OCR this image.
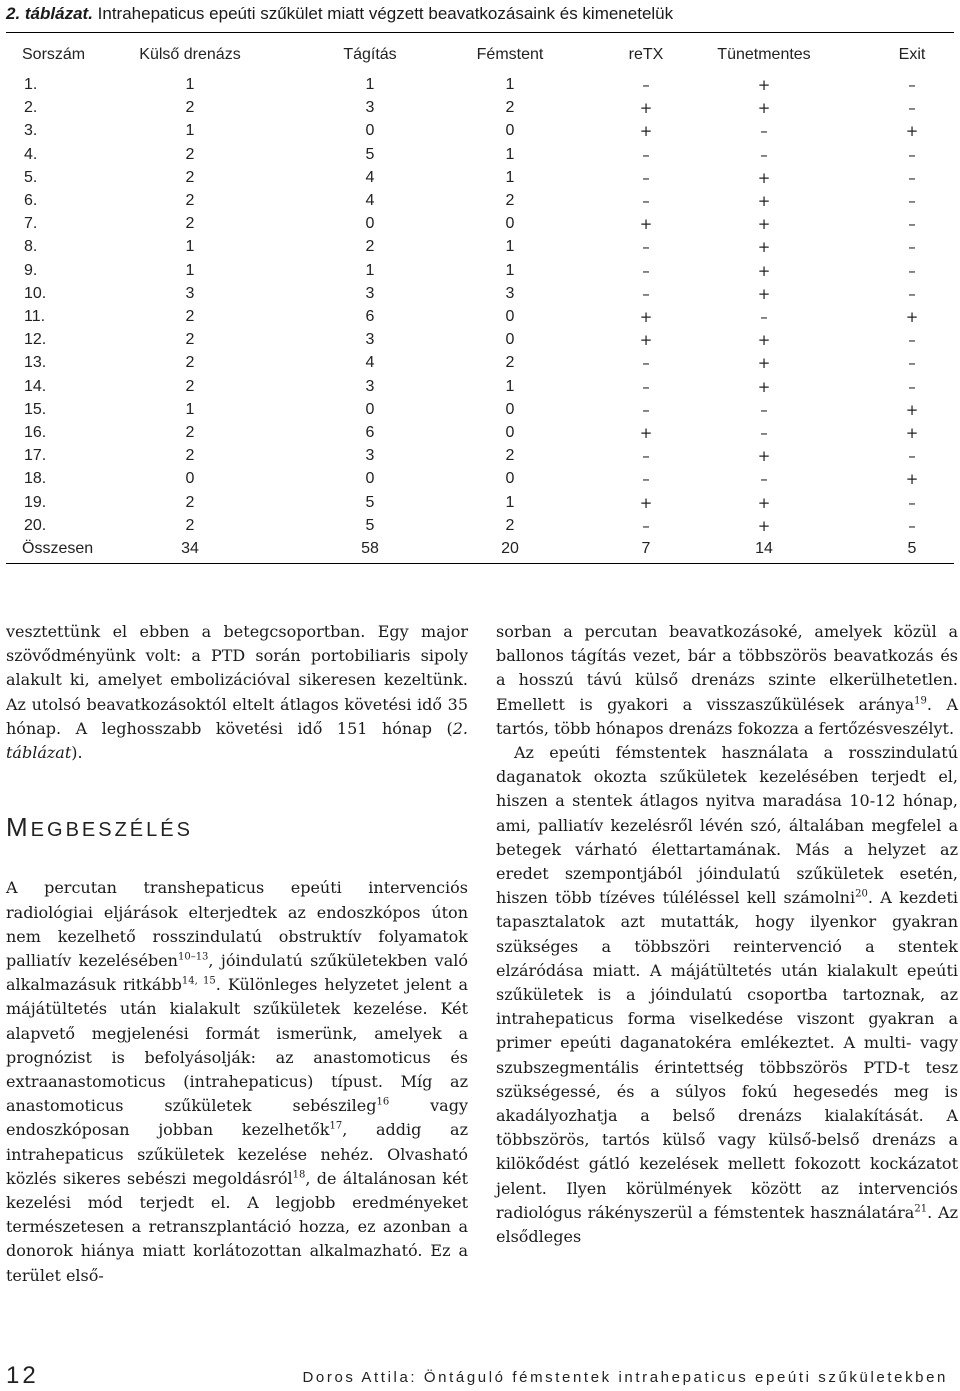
2. táblázat. Intrahepaticus epeúti szűkület miatt végzett beavatkozásaink és kimenetelük
Sorszám	Külső drenázs	Tágítás	Fémstent	reTX	Tünetmentes	Exit
1.	1	1	1	–	+	–
2.	2	3	2	+	+	–
3.	1	0	0	+	–	+
4.	2	5	1	–	–	–
5.	2	4	1	–	+	–
6.	2	4	2	–	+	–
7.	2	0	0	+	+	–
8.	1	2	1	–	+	–
9.	1	1	1	–	+	–
10.	3	3	3	–	+	–
11.	2	6	0	+	–	+
12.	2	3	0	+	+	–
13.	2	4	2	–	+	–
14.	2	3	1	–	+	–
15.	1	0	0	–	–	+
16.	2	6	0	+	–	+
17.	2	3	2	–	+	–
18.	0	0	0	–	–	+
19.	2	5	1	+	+	–
20.	2	5	2	–	+	–
Összesen	34	58	20	7	14	5

vesztettünk el ebben a betegcsoportban. Egy major szövődményünk volt: a PTD során portobiliaris sipoly alakult ki, amelyet embolizációval sikeresen kezeltünk. Az utolsó beavatkozásoktól eltelt átlagos követési idő 35 hónap. A leghosszabb követési idő 151 hónap (2. táblázat).

MEGBESZÉLÉS

A percutan transhepaticus epeúti intervenciós radiológiai eljárások elterjedtek az endoszkópos úton nem kezelhető rosszindulatú obstruktív folyamatok palliatív kezelésében$^{10-13}$, jóindulatú szűkületekben való alkalmazásuk ritkább$^{14, 15}$. Különleges helyzetet jelent a májátültetés után kialakult szűkületek kezelése. Két alapvető megjelenési formát ismerünk, amelyek a prognózist is befolyásolják: az anastomoticus és extraanastomoticus (intrahepaticus) típust. Míg az anastomoticus szűkületek sebészileg$^{16}$ vagy endoszkóposan jobban kezelhetők$^{17}$, addig az intrahepaticus szűkületek kezelése nehéz. Olvasható közlés sikeres sebészi megoldásról$^{18}$, de általánosan két kezelési mód terjedt el. A legjobb eredményeket természetesen a retranszplantáció hozza, ez azonban a donorok hiánya miatt korlátozottan alkalmazható. Ez a terület első-

sorban a percutan beavatkozásoké, amelyek közül a ballonos tágítás vezet, bár a többszörös beavatkozás és a hosszú távú külső drenázs szinte elkerülhetetlen. Emellett is gyakori a visszaszűkülések aránya$^{19}$. A tartós, több hónapos drenázs fokozza a fertőzésveszélyt.

Az epeúti fémstentek használata a rosszindulatú daganatok okozta szűkületek kezelésében terjedt el, hiszen a stentek átlagos nyitva maradása 10-12 hónap, ami, palliatív kezelésről lévén szó, általában megfelel a betegek várható élettartamának. Más a helyzet az eredet szempontjából jóindulatú szűkületek esetén, hiszen több tízéves túléléssel kell számolni$^{20}$. A kezdeti tapasztalatok azt mutatták, hogy ilyenkor gyakran szükséges a többszöri reintervenció a stentek elzáródása miatt. A májátültetés után kialakult epeúti szűkületek is a jóindulatú csoportba tartoznak, az intrahepaticus forma viselkedése viszont gyakran a primer epeúti daganatokéra emlékeztet. A multi- vagy szubszegmentális érintettség többszörös PTD-t tesz szükségessé, és a súlyos fokú hegesedés meg is akadályozhatja a belső drenázs kialakítását. A többszörös, tartós külső vagy külső-belső drenázs a kilökődést gátló kezelések mellett fokozott kockázatot jelent. Ilyen körülmények között az intervenciós radiológus rákényszerül a fémstentek használatára$^{21}$. Az elsődleges

12	Doros Attila: Öntáguló fémstentek intrahepaticus epeúti szűkületekben
